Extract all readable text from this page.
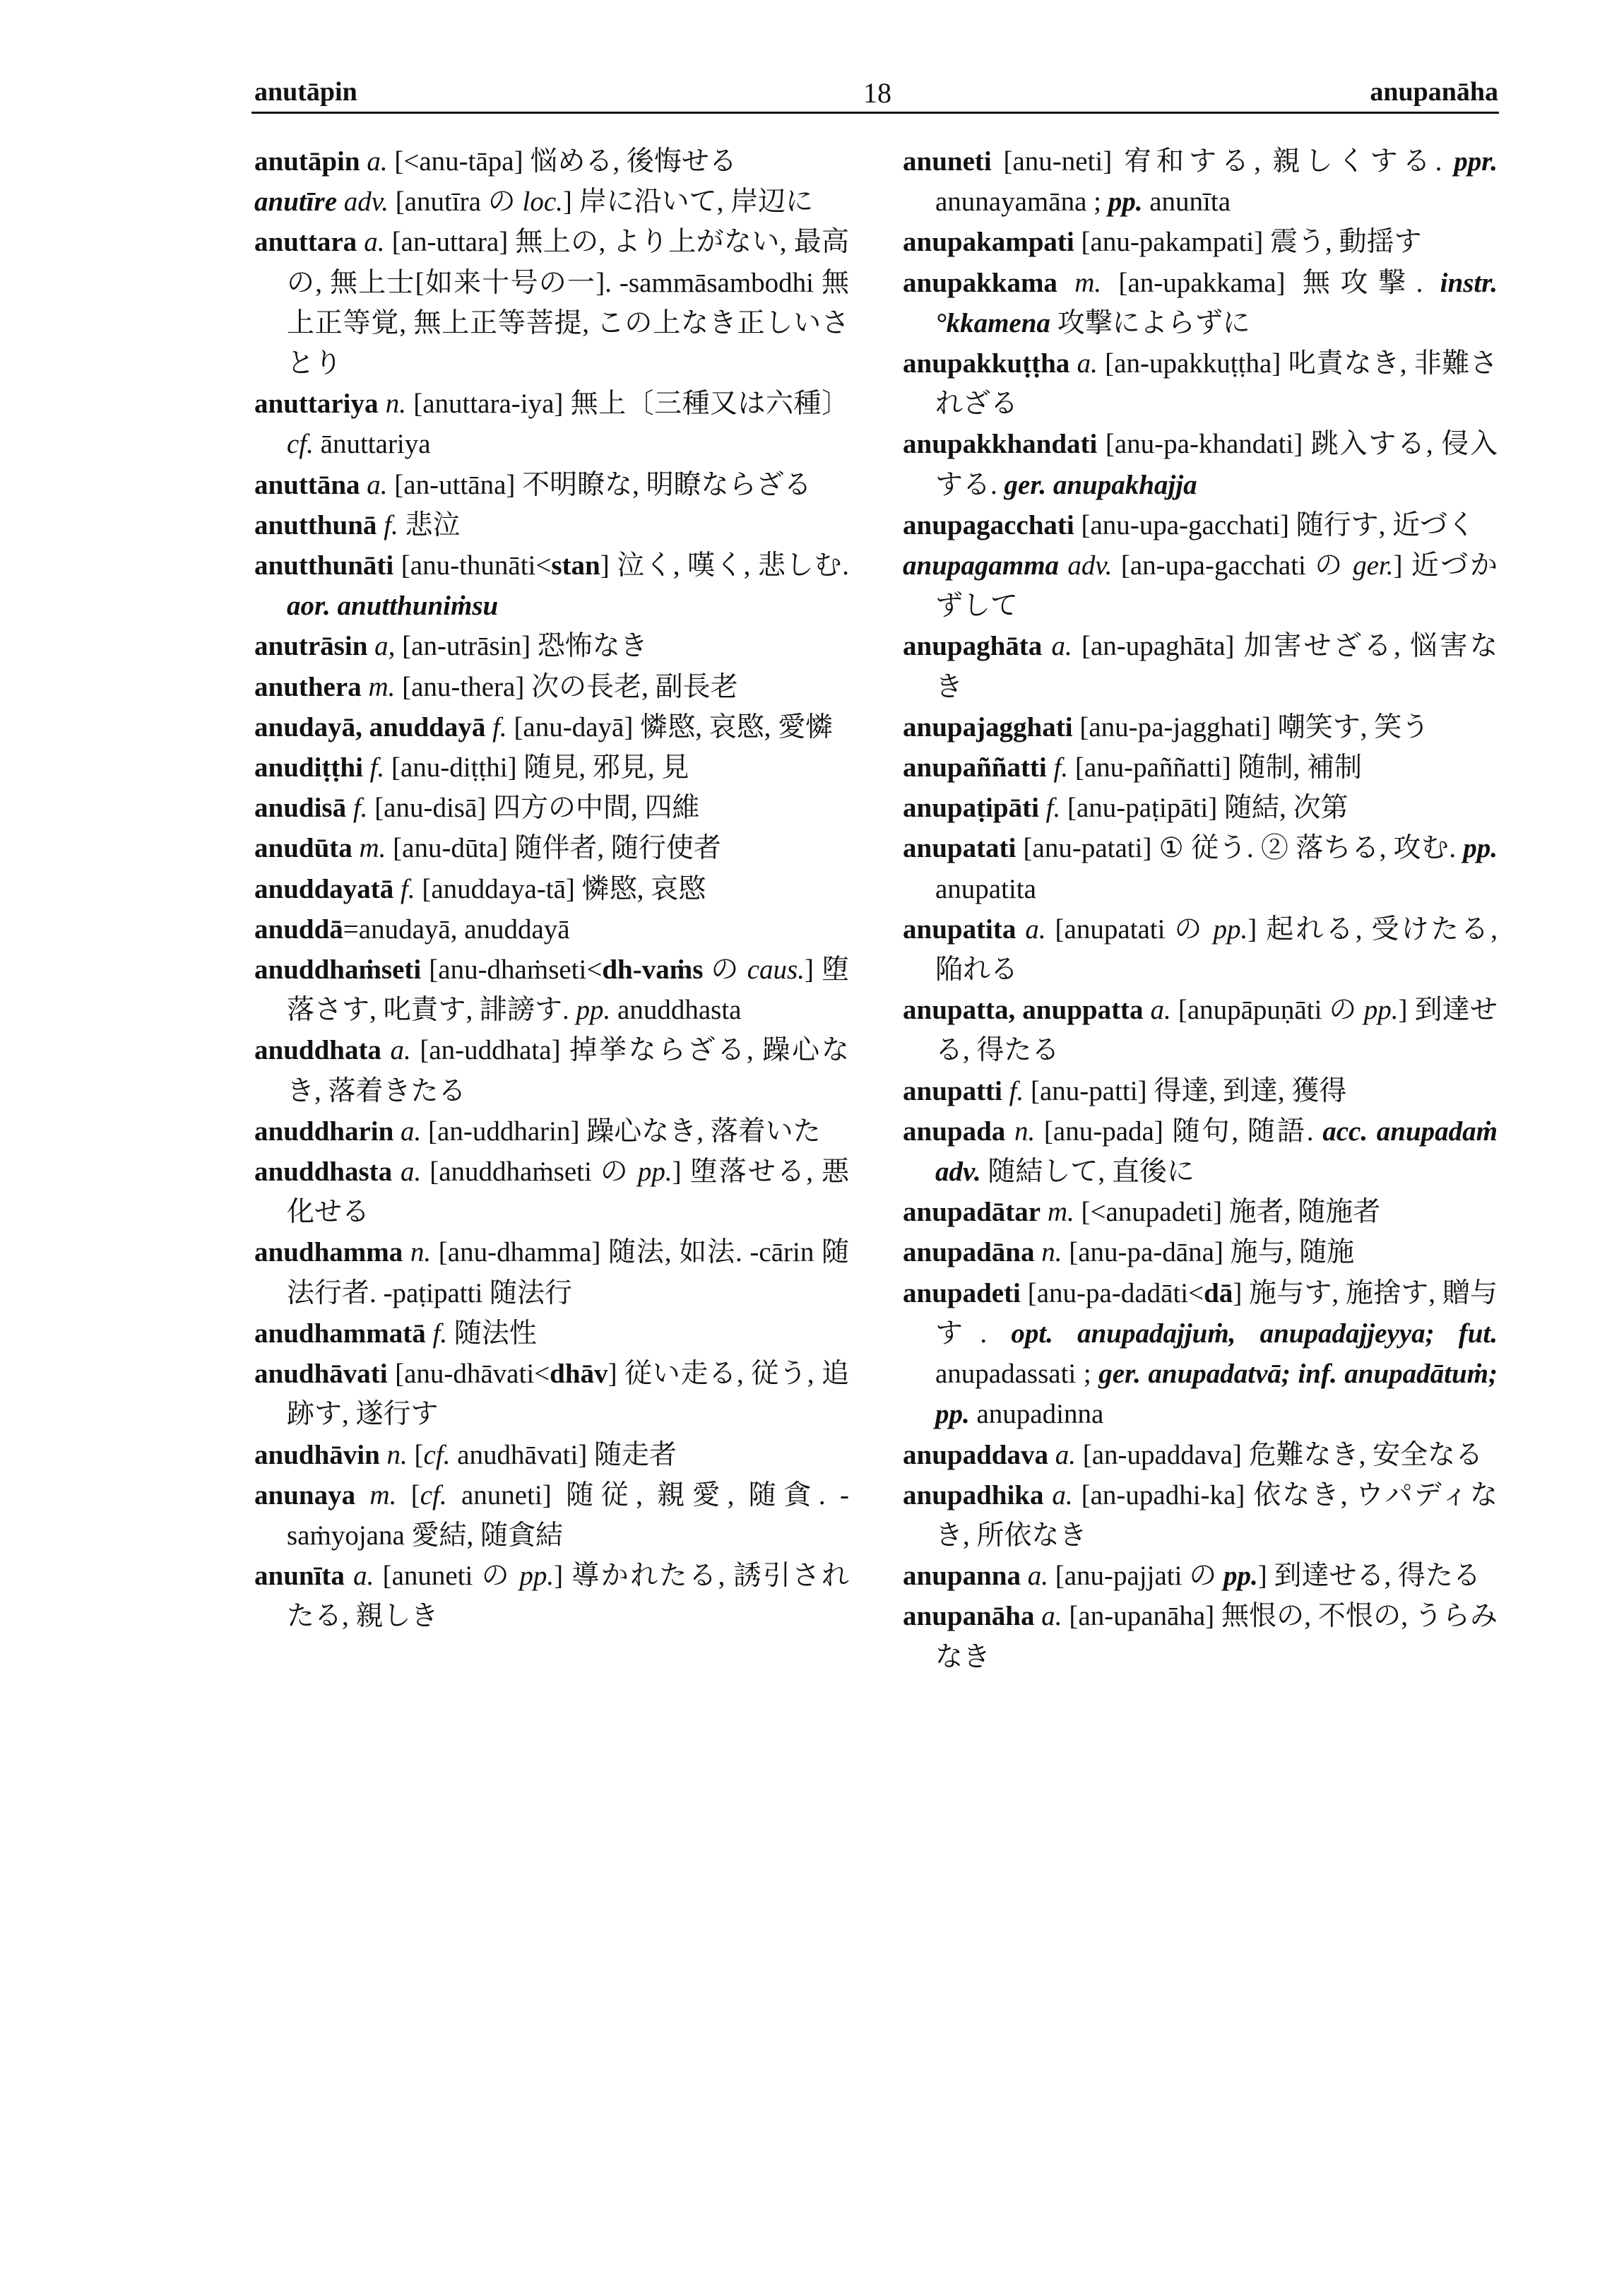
anutāpin	18	anupanāha
anutāpin a. [<anu-tāpa] 悩める, 後悔せる
anutīre adv. [anutīra の loc.] 岸に沿いて, 岸辺に
anuttara a. [an-uttara] 無上の, より上がない, 最高の, 無上士[如来十号の一]. -sammāsambodhi 無上正等覚, 無上正等菩提, この上なき正しいさとり
anuttariya n. [anuttara-iya] 無上〔三種又は六種〕 cf. ānuttariya
anuttāna a. [an-uttāna] 不明瞭な, 明瞭ならざる
anutthunā f. 悲泣
anutthunāti [anu-thunāti<stan] 泣く, 嘆く, 悲しむ. aor. anutthuniṁsu
anutrāsin a, [an-utrāsin] 恐怖なき
anuthera m. [anu-thera] 次の長老, 副長老
anudayā, anuddayā f. [anu-dayā] 憐愍, 哀愍, 愛憐
anudiṭṭhi f. [anu-diṭṭhi] 随見, 邪見, 見
anudisā f. [anu-disā] 四方の中間, 四維
anudūta m. [anu-dūta] 随伴者, 随行使者
anuddayatā f. [anuddaya-tā] 憐愍, 哀愍
anuddā=anudayā, anuddayā
anuddhaṁseti [anu-dhaṁseti<dh-vaṁs の caus.] 堕落さす, 叱責す, 誹謗す. pp. anuddhasta
anuddhata a. [an-uddhata] 掉挙ならざる, 躁心なき, 落着きたる
anuddharin a. [an-uddharin] 躁心なき, 落着いた
anuddhasta a. [anuddhaṁseti の pp.] 堕落せる, 悪化せる
anudhamma n. [anu-dhamma] 随法, 如法. -cārin 随法行者. -paṭipatti 随法行
anudhammatā f. 随法性
anudhāvati [anu-dhāvati<dhāv] 従い走る, 従う, 追跡す, 遂行す
anudhāvin n. [cf. anudhāvati] 随走者
anunaya m. [cf. anuneti] 随従, 親愛, 随貪. -saṁyojana 愛結, 随貪結
anunīta a. [anuneti の pp.] 導かれたる, 誘引されたる, 親しき
anuneti [anu-neti] 宥和する, 親しくする. ppr. anunayamāna ; pp. anunīta
anupakampati [anu-pakampati] 震う, 動揺す
anupakkama m. [an-upakkama] 無攻撃. instr. °kkamena 攻撃によらずに
anupakkuṭṭha a. [an-upakkuṭṭha] 叱責なき, 非難されざる
anupakkhandati [anu-pa-khandati] 跳入する, 侵入する. ger. anupakhajja
anupagacchati [anu-upa-gacchati] 随行す, 近づく
anupagamma adv. [an-upa-gacchati の ger.] 近づかずして
anupaghāta a. [an-upaghāta] 加害せざる, 悩害なき
anupajagghati [anu-pa-jagghati] 嘲笑す, 笑う
anupaññatti f. [anu-paññatti] 随制, 補制
anupaṭipāti f. [anu-paṭipāti] 随結, 次第
anupatati [anu-patati] ① 従う. ② 落ちる, 攻む. pp. anupatita
anupatita a. [anupatati の pp.] 起れる, 受けたる, 陥れる
anupatta, anuppatta a. [anupāpuṇāti の pp.] 到達せる, 得たる
anupatti f. [anu-patti] 得達, 到達, 獲得
anupada n. [anu-pada] 随句, 随語. acc. anupadaṁ adv. 随結して, 直後に
anupadātar m. [<anupadeti] 施者, 随施者
anupadāna n. [anu-pa-dāna] 施与, 随施
anupadeti [anu-pa-dadāti<dā] 施与す, 施捨す, 贈与す. opt. anupadajjuṁ, anupadajjeyya; fut. anupadassati ; ger. anupadatvā; inf. anupadātuṁ; pp. anupadinna
anupaddava a. [an-upaddava] 危難なき, 安全なる
anupadhika a. [an-upadhi-ka] 依なき, ウパディなき, 所依なき
anupanna a. [anu-pajjati の pp.] 到達せる, 得たる
anupanāha a. [an-upanāha] 無恨の, 不恨の, うらみなき
